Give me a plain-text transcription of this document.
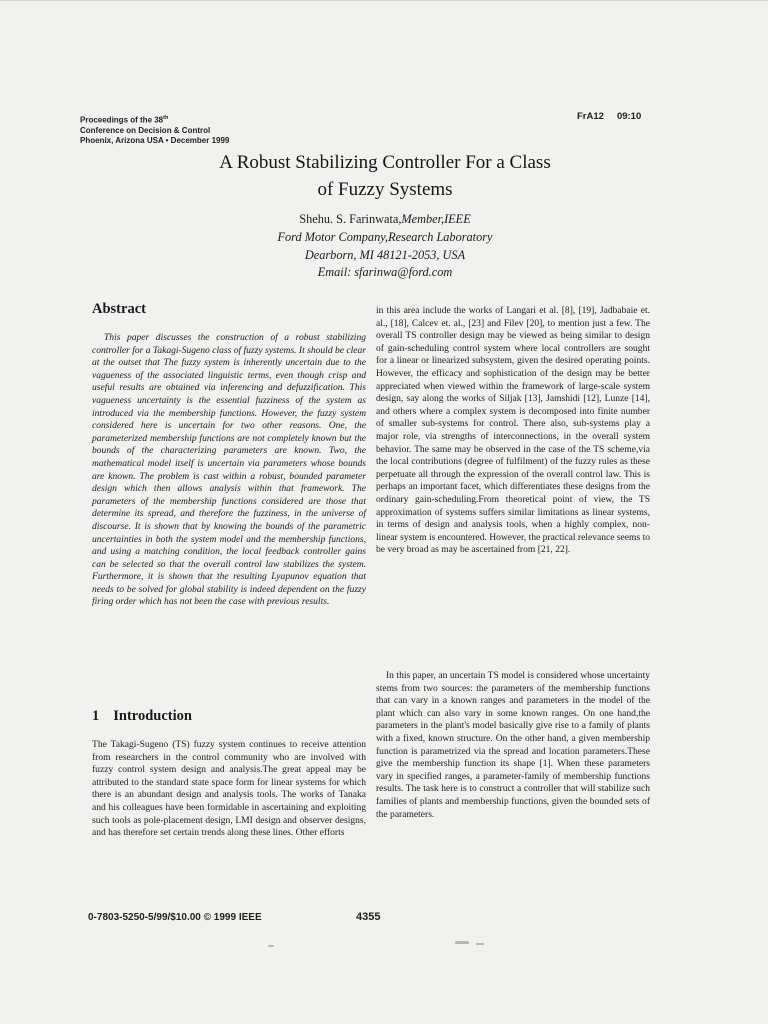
Proceedings of the 38th
Conference on Decision & Control
Phoenix, Arizona USA • December 1999
FrA12 09:10
A Robust Stabilizing Controller For a Class
of Fuzzy Systems
Shehu. S. Farinwata,Member,IEEE
Ford Motor Company,Research Laboratory
Dearborn, MI 48121-2053, USA
Email: sfarinwa@ford.com
Abstract

This paper discusses the construction of a robust stabilizing controller for a Takagi-Sugeno class of fuzzy systems. It should be clear at the outset that The fuzzy system is inherently uncertain due to the vagueness of the associated linguistic terms, even though crisp and useful results are obtained via inferencing and defuzzification. This vagueness uncertainty is the essential fuzziness of the system as introduced via the membership functions. However, the fuzzy system considered here is uncertain for two other reasons. One, the parameterized membership functions are not completely known but the bounds of the characterizing parameters are known. Two, the mathematical model itself is uncertain via parameters whose bounds are known. The problem is cast within a robust, bounded parameter design which then allows analysis within that framework. The parameters of the membership functions considered are those that determine its spread, and therefore the fuzziness, in the universe of discourse. It is shown that by knowing the bounds of the parametric uncertainties in both the system model and the membership functions, and using a matching condition, the local feedback controller gains can be selected so that the overall control law stabilizes the system. Furthermore, it is shown that the resulting Lyapunov equation that needs to be solved for global stability is indeed dependent on the fuzzy firing order which has not been the case with previous results.

1 Introduction

The Takagi-Sugeno (TS) fuzzy system continues to receive attention from researchers in the control community who are involved with fuzzy control system design and analysis.The great appeal may be attributed to the standard state space form for linear systems for which there is an abundant design and analysis tools. The works of Tanaka and his colleagues have been formidable in ascertaining and exploiting such tools as pole-placement design, LMI design and observer designs, and has therefore set certain trends along these lines. Other efforts

in this area include the works of Langari et al. [8], [19], Jadbabaie et. al., [18], Calcev et. al., [23] and Filev [20], to mention just a few. The overall TS controller design may be viewed as being similar to design of gain-scheduling control system where local controllers are sought for a linear or linearized subsystem, given the desired operating points. However, the efficacy and sophistication of the design may be better appreciated when viewed within the framework of large-scale system design, say along the works of Siljak [13], Jamshidi [12], Lunze [14], and others where a complex system is decomposed into finite number of smaller sub-systems for control. There also, sub-systems play a major role, via strengths of interconnections, in the overall system behavior. The same may be observed in the case of the TS scheme,via the local contributions (degree of fulfilment) of the fuzzy rules as these perpetuate all through the expression of the overall control law. This is perhaps an important facet, which differentiates these designs from the ordinary gain-scheduling.From theoretical point of view, the TS approximation of systems suffers similar limitations as linear systems, in terms of design and analysis tools, when a highly complex, non-linear system is encountered. However, the practical relevance seems to be very broad as may be ascertained from [21, 22].

In this paper, an uncertain TS model is considered whose uncertainty stems from two sources: the parameters of the membership functions that can vary in a known ranges and parameters in the model of the plant which can also vary in some known ranges. On one hand,the parameters in the plant's model basically give rise to a family of plants with a fixed, known structure. On the other hand, a given membership function is parametrized via the spread and location parameters.These give the membership function its shape [1]. When these parameters vary in specified ranges, a parameter-family of membership functions results. The task here is to construct a controller that will stabilize such families of plants and membership functions, given the bounded sets of the parameters.

0-7803-5250-5/99/$10.00 © 1999 IEEE	4355
